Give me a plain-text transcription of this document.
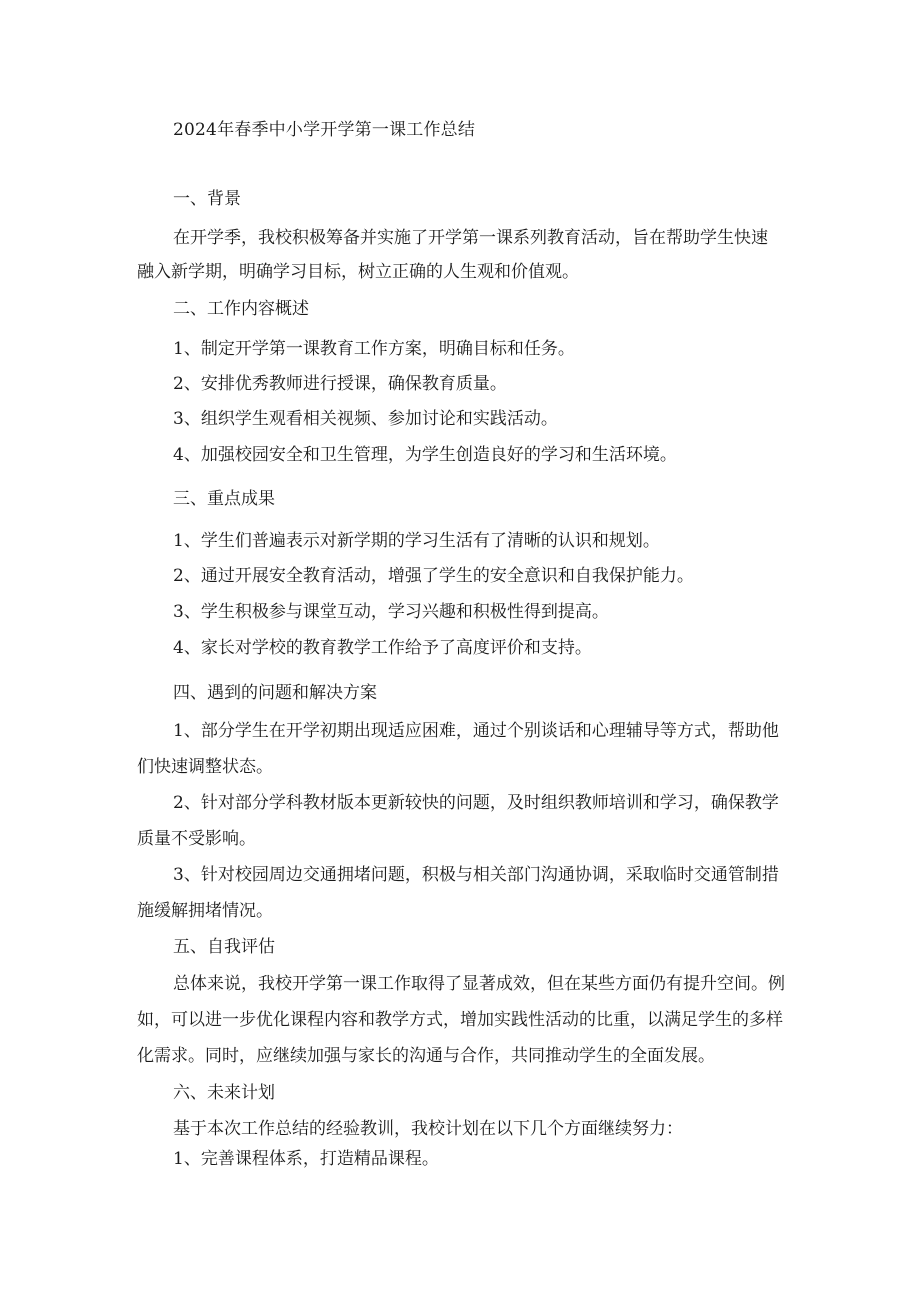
2024年春季中小学开学第一课工作总结

一、背景

在开学季，我校积极筹备并实施了开学第一课系列教育活动，旨在帮助学生快速

融入新学期，明确学习目标，树立正确的人生观和价值观。

二、工作内容概述

1、制定开学第一课教育工作方案，明确目标和任务。

2、安排优秀教师进行授课，确保教育质量。

3、组织学生观看相关视频、参加讨论和实践活动。

4、加强校园安全和卫生管理，为学生创造良好的学习和生活环境。

三、重点成果

1、学生们普遍表示对新学期的学习生活有了清晰的认识和规划。

2、通过开展安全教育活动，增强了学生的安全意识和自我保护能力。

3、学生积极参与课堂互动，学习兴趣和积极性得到提高。

4、家长对学校的教育教学工作给予了高度评价和支持。

四、遇到的问题和解决方案

1、部分学生在开学初期出现适应困难，通过个别谈话和心理辅导等方式，帮助他

们快速调整状态。

2、针对部分学科教材版本更新较快的问题，及时组织教师培训和学习，确保教学

质量不受影响。

3、针对校园周边交通拥堵问题，积极与相关部门沟通协调，采取临时交通管制措

施缓解拥堵情况。

五、自我评估

总体来说，我校开学第一课工作取得了显著成效，但在某些方面仍有提升空间。例

如，可以进一步优化课程内容和教学方式，增加实践性活动的比重，以满足学生的多样

化需求。同时，应继续加强与家长的沟通与合作，共同推动学生的全面发展。

六、未来计划

基于本次工作总结的经验教训，我校计划在以下几个方面继续努力：

1、完善课程体系，打造精品课程。
